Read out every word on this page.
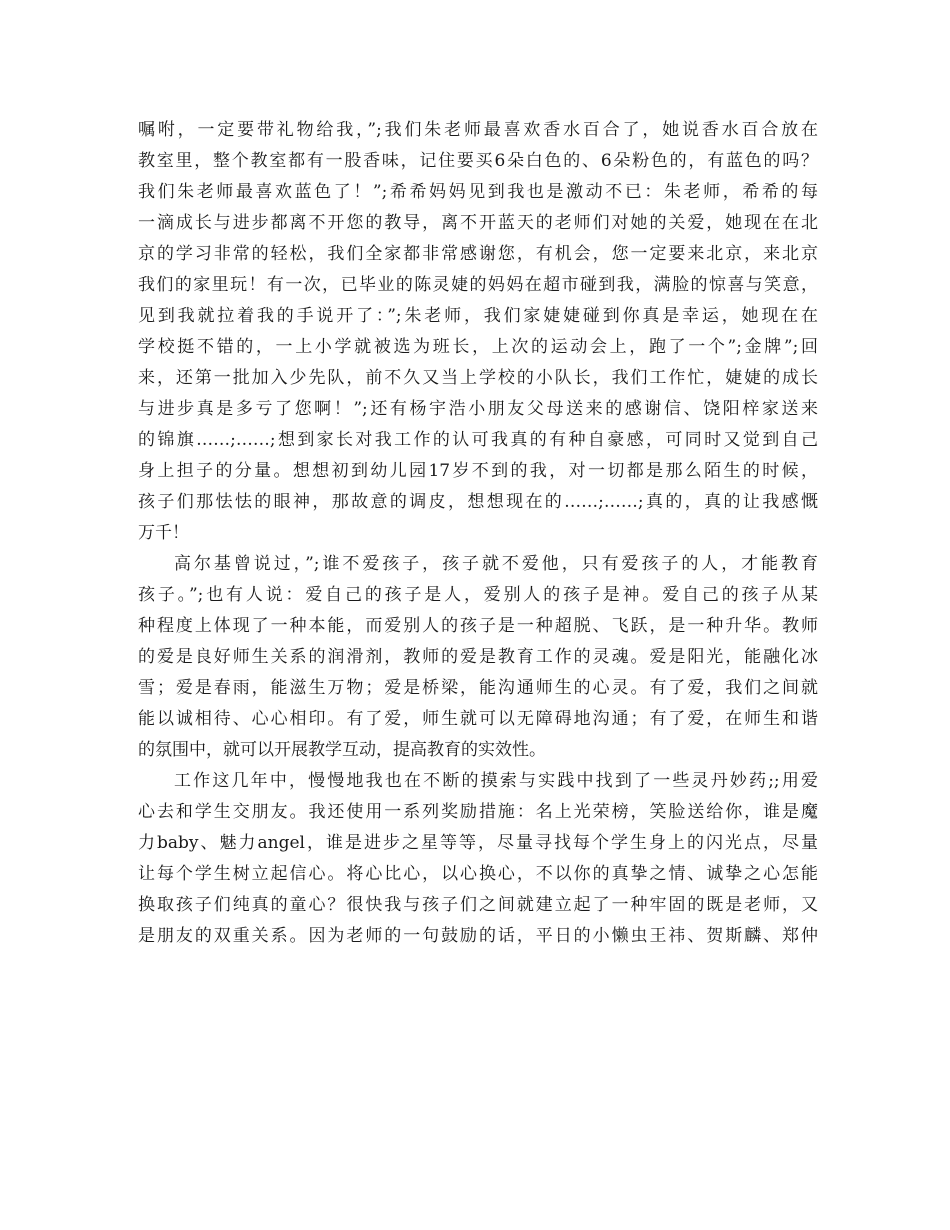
嘱咐，一定要带礼物给我，”;我们朱老师最喜欢香水百合了，她说香水百合放在
教室里，整个教室都有一股香味，记住要买6朵白色的、6朵粉色的，有蓝色的吗？
我们朱老师最喜欢蓝色了！”;希希妈妈见到我也是激动不已：朱老师，希希的每
一滴成长与进步都离不开您的教导，离不开蓝天的老师们对她的关爱，她现在在北
京的学习非常的轻松，我们全家都非常感谢您，有机会，您一定要来北京，来北京
我们的家里玩！有一次，已毕业的陈灵婕的妈妈在超市碰到我，满脸的惊喜与笑意，
见到我就拉着我的手说开了：”;朱老师，我们家婕婕碰到你真是幸运，她现在在
学校挺不错的，一上小学就被选为班长，上次的运动会上，跑了一个”;金牌”;回
来，还第一批加入少先队，前不久又当上学校的小队长，我们工作忙，婕婕的成长
与进步真是多亏了您啊！”;还有杨宇浩小朋友父母送来的感谢信、饶阳梓家送来
的锦旗……;……;想到家长对我工作的认可我真的有种自豪感，可同时又觉到自己
身上担子的分量。想想初到幼儿园17岁不到的我，对一切都是那么陌生的时候，
孩子们那怯怯的眼神，那故意的调皮，想想现在的……;……;真的，真的让我感慨
万千！
高尔基曾说过，”;谁不爱孩子，孩子就不爱他，只有爱孩子的人，才能教育
孩子。”;也有人说：爱自己的孩子是人，爱别人的孩子是神。爱自己的孩子从某
种程度上体现了一种本能，而爱别人的孩子是一种超脱、飞跃，是一种升华。教师
的爱是良好师生关系的润滑剂，教师的爱是教育工作的灵魂。爱是阳光，能融化冰
雪；爱是春雨，能滋生万物；爱是桥梁，能沟通师生的心灵。有了爱，我们之间就
能以诚相待、心心相印。有了爱，师生就可以无障碍地沟通；有了爱，在师生和谐
的氛围中，就可以开展教学互动，提高教育的实效性。
工作这几年中，慢慢地我也在不断的摸索与实践中找到了一些灵丹妙药;;用爱
心去和学生交朋友。我还使用一系列奖励措施：名上光荣榜，笑脸送给你，谁是魔
力baby、魅力angel，谁是进步之星等等，尽量寻找每个学生身上的闪光点，尽量
让每个学生树立起信心。将心比心，以心换心，不以你的真挚之情、诚挚之心怎能
换取孩子们纯真的童心？很快我与孩子们之间就建立起了一种牢固的既是老师，又
是朋友的双重关系。因为老师的一句鼓励的话，平日的小懒虫王祎、贺斯麟、郑仲
